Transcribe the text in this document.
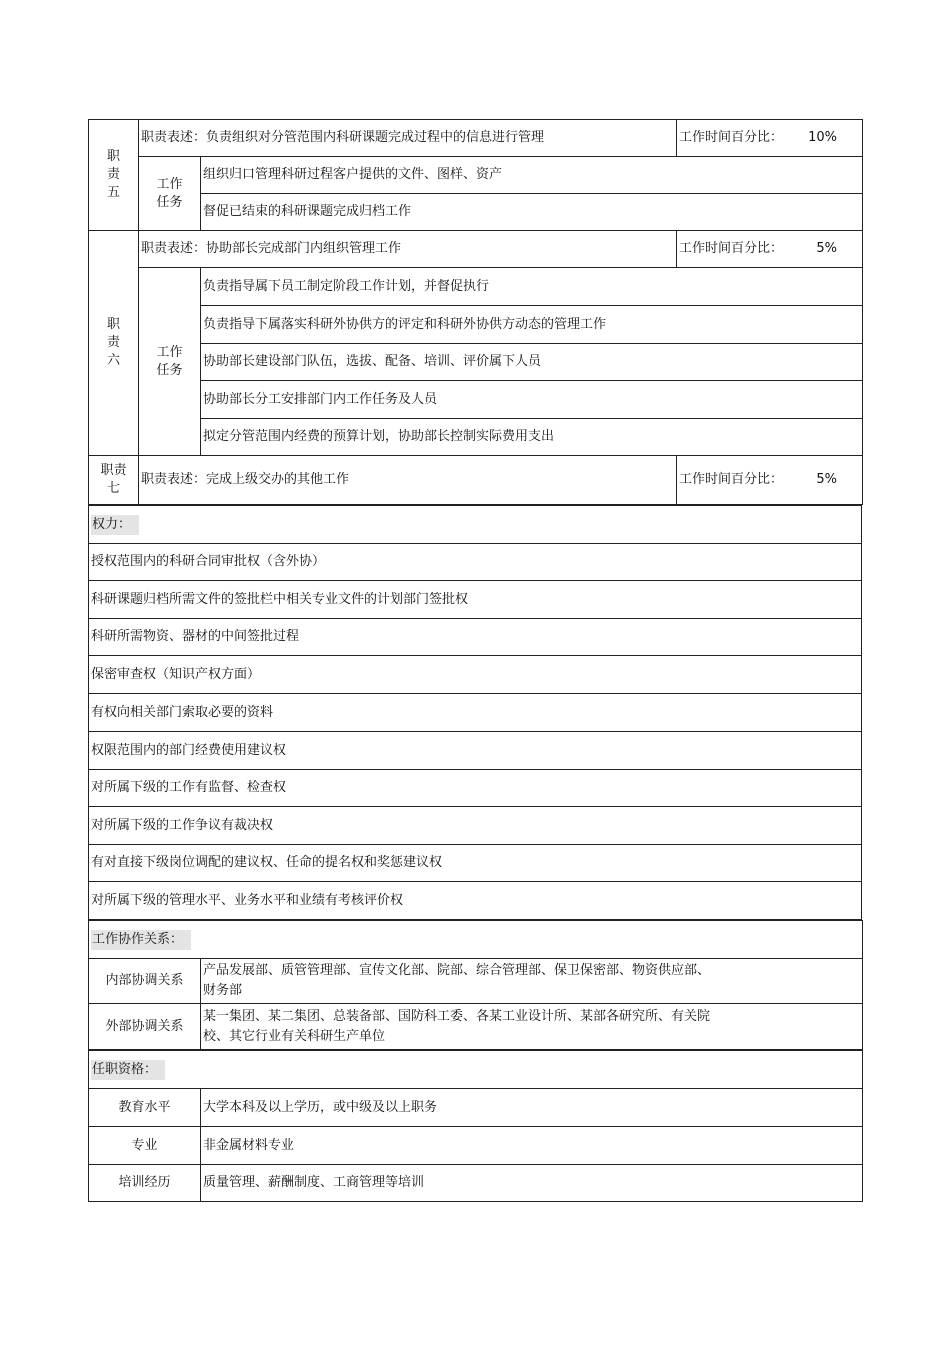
职
责
五	职责表述：负责组织对分管范围内科研课题完成过程中的信息进行管理		工作时间百分比： 10%

	工作
任务	组织归口管理科研过程客户提供的文件、图样、资产	
		督促已结束的科研课题完成归档工作	

职
责
六	职责表述：协助部长完成部门内组织管理工作		工作时间百分比： 5%

	工作
任务	负责指导属下员工制定阶段工作计划，并督促执行	
		负责指导下属落实科研外协供方的评定和科研外协供方动态的管理工作	
		协助部长建设部门队伍，选拔、配备、培训、评价属下人员	
		协助部长分工安排部门内工作任务及人员	
		拟定分管范围内经费的预算计划，协助部长控制实际费用支出	

职责
七	职责表述：完成上级交办的其他工作		工作时间百分比： 5%
权力：
授权范围内的科研合同审批权（含外协）
科研课题归档所需文件的签批栏中相关专业文件的计划部门签批权
科研所需物资、器材的中间签批过程
保密审查权（知识产权方面）
有权向相关部门索取必要的资料
权限范围内的部门经费使用建议权
对所属下级的工作有监督、检查权
对所属下级的工作争议有裁决权
有对直接下级岗位调配的建议权、任命的提名权和奖惩建议权
对所属下级的管理水平、业务水平和业绩有考核评价权
工作协作关系：	
内部协调关系	产品发展部、质管管理部、宣传文化部、院部、综合管理部、保卫保密部、物资供应部、
财务部

外部协调关系	某一集团、某二集团、总装备部、国防科工委、各某工业设计所、某部各研究所、有关院
校、其它行业有关科研生产单位
任职资格：	
教育水平	大学本科及以上学历，或中级及以上职务
专业	非金属材料专业
培训经历	质量管理、薪酬制度、工商管理等培训
